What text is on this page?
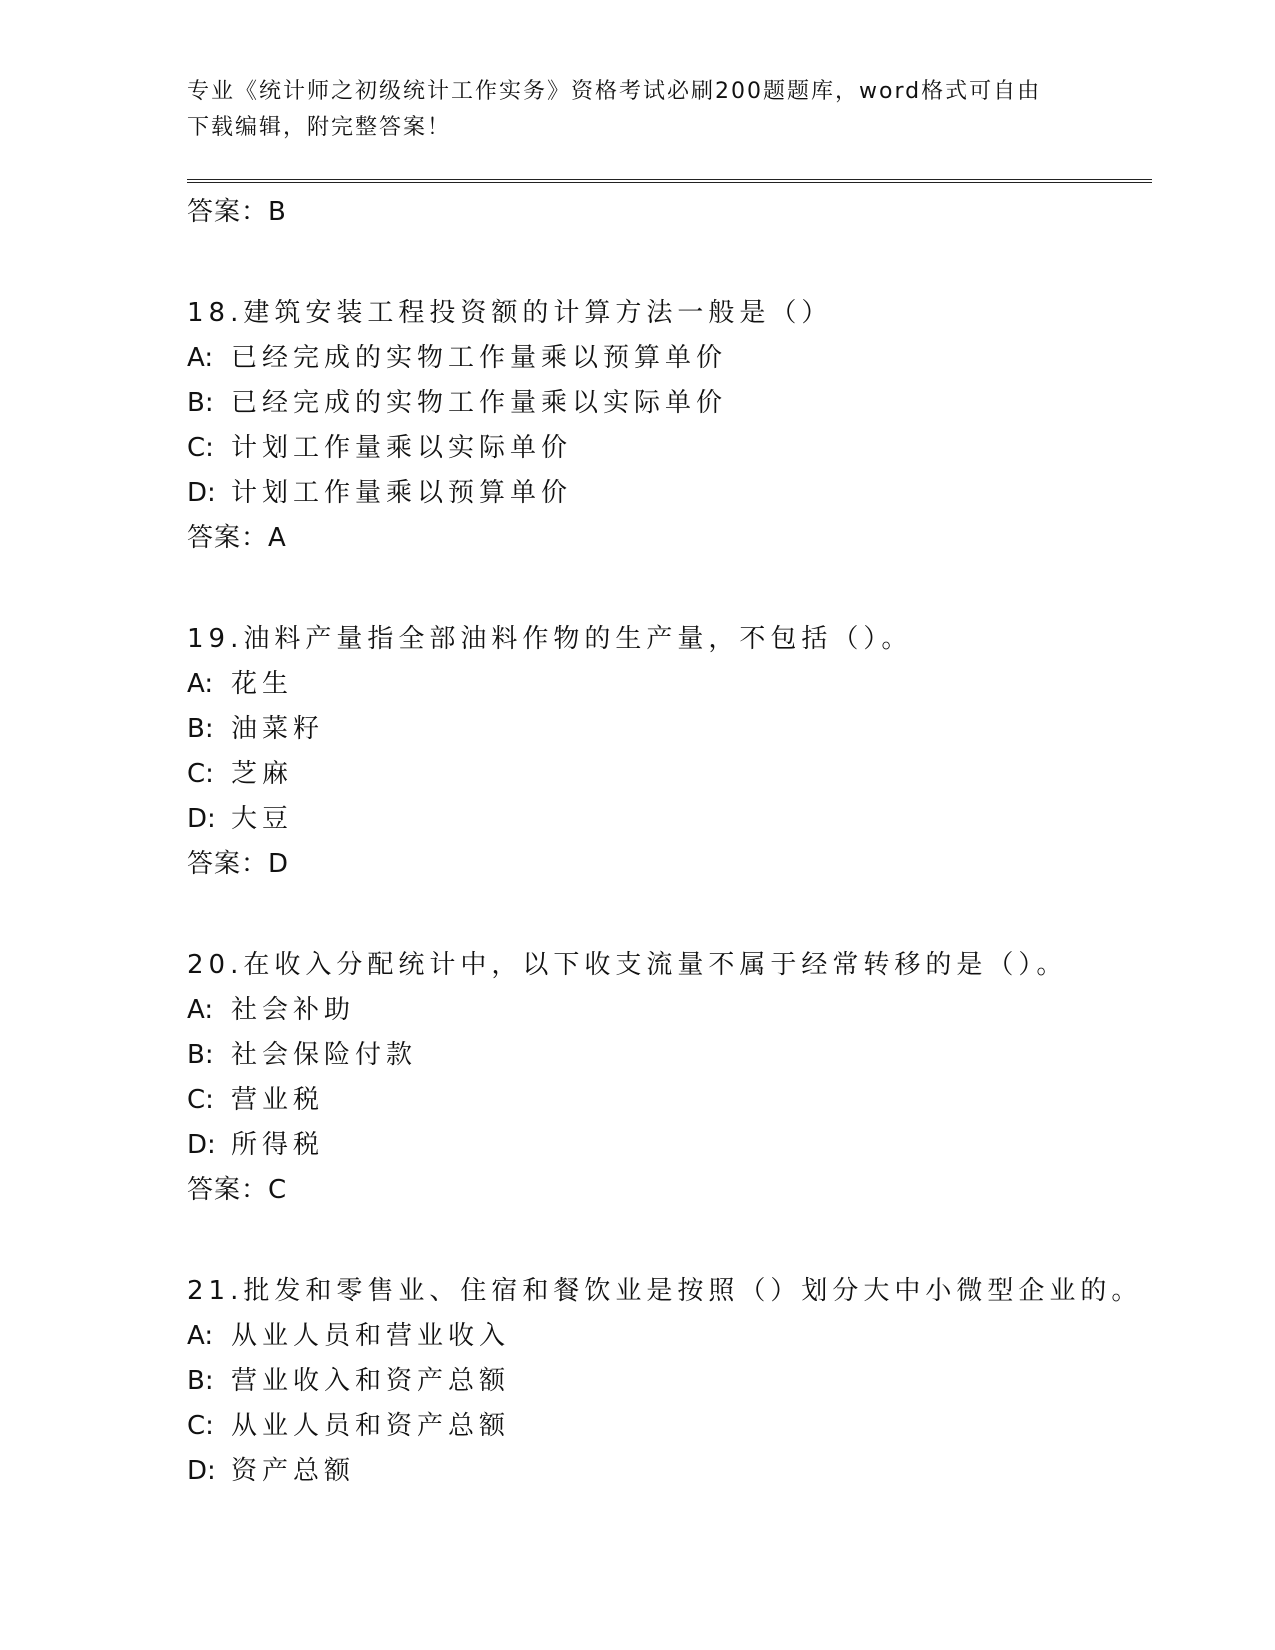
专业《统计师之初级统计工作实务》资格考试必刷200题题库，word格式可自由
下载编辑，附完整答案！
答案：B
18.建筑安装工程投资额的计算方法一般是（）
A: 已经完成的实物工作量乘以预算单价
B: 已经完成的实物工作量乘以实际单价
C: 计划工作量乘以实际单价
D: 计划工作量乘以预算单价
答案：A
19.油料产量指全部油料作物的生产量，不包括（）。
A: 花生
B: 油菜籽
C: 芝麻
D: 大豆
答案：D
20.在收入分配统计中，以下收支流量不属于经常转移的是（）。
A: 社会补助
B: 社会保险付款
C: 营业税
D: 所得税
答案：C
21.批发和零售业、住宿和餐饮业是按照（）划分大中小微型企业的。
A: 从业人员和营业收入
B: 营业收入和资产总额
C: 从业人员和资产总额
D: 资产总额
